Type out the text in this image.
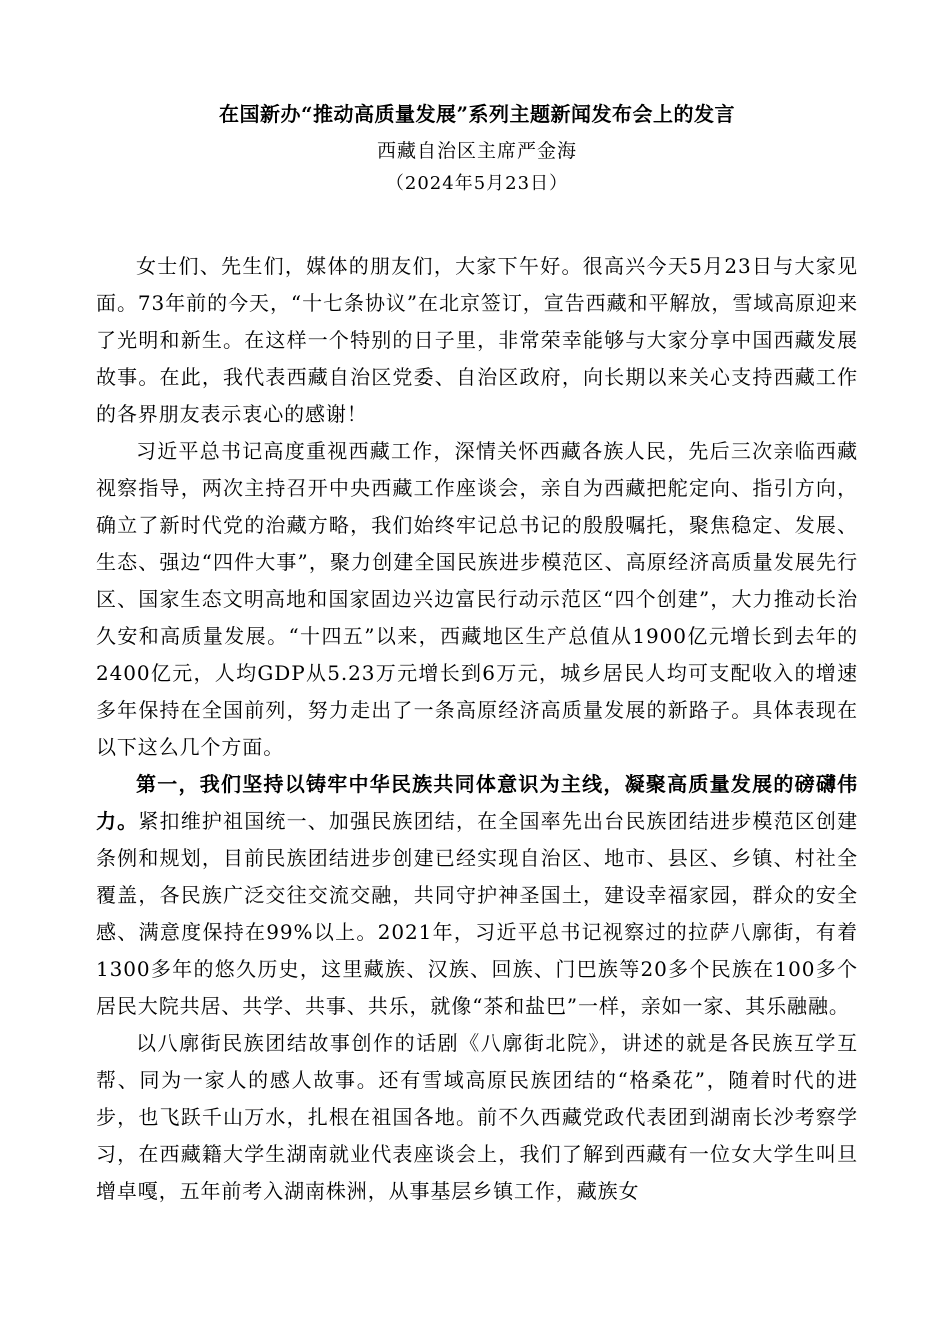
在国新办“推动高质量发展”系列主题新闻发布会上的发言
西藏自治区主席严金海
（2024年5月23日）

女士们、先生们，媒体的朋友们，大家下午好。很高兴今天5月23日与大家见面。73年前的今天，“十七条协议”在北京签订，宣告西藏和平解放，雪域高原迎来了光明和新生。在这样一个特别的日子里，非常荣幸能够与大家分享中国西藏发展故事。在此，我代表西藏自治区党委、自治区政府，向长期以来关心支持西藏工作的各界朋友表示衷心的感谢！

习近平总书记高度重视西藏工作，深情关怀西藏各族人民，先后三次亲临西藏视察指导，两次主持召开中央西藏工作座谈会，亲自为西藏把舵定向、指引方向，确立了新时代党的治藏方略，我们始终牢记总书记的殷殷嘱托，聚焦稳定、发展、生态、强边“四件大事”，聚力创建全国民族进步模范区、高原经济高质量发展先行区、国家生态文明高地和国家固边兴边富民行动示范区“四个创建”，大力推动长治久安和高质量发展。“十四五”以来，西藏地区生产总值从1900亿元增长到去年的2400亿元，人均GDP从5.23万元增长到6万元，城乡居民人均可支配收入的增速多年保持在全国前列，努力走出了一条高原经济高质量发展的新路子。具体表现在以下这么几个方面。

第一，我们坚持以铸牢中华民族共同体意识为主线，凝聚高质量发展的磅礴伟力。紧扣维护祖国统一、加强民族团结，在全国率先出台民族团结进步模范区创建条例和规划，目前民族团结进步创建已经实现自治区、地市、县区、乡镇、村社全覆盖，各民族广泛交往交流交融，共同守护神圣国土，建设幸福家园，群众的安全感、满意度保持在99%以上。2021年，习近平总书记视察过的拉萨八廓街，有着1300多年的悠久历史，这里藏族、汉族、回族、门巴族等20多个民族在100多个居民大院共居、共学、共事、共乐，就像“茶和盐巴”一样，亲如一家、其乐融融。

以八廓街民族团结故事创作的话剧《八廓街北院》，讲述的就是各民族互学互帮、同为一家人的感人故事。还有雪域高原民族团结的“格桑花”，随着时代的进步，也飞跃千山万水，扎根在祖国各地。前不久西藏党政代表团到湖南长沙考察学习，在西藏籍大学生湖南就业代表座谈会上，我们了解到西藏有一位女大学生叫旦增卓嘎，五年前考入湖南株洲，从事基层乡镇工作，藏族女
